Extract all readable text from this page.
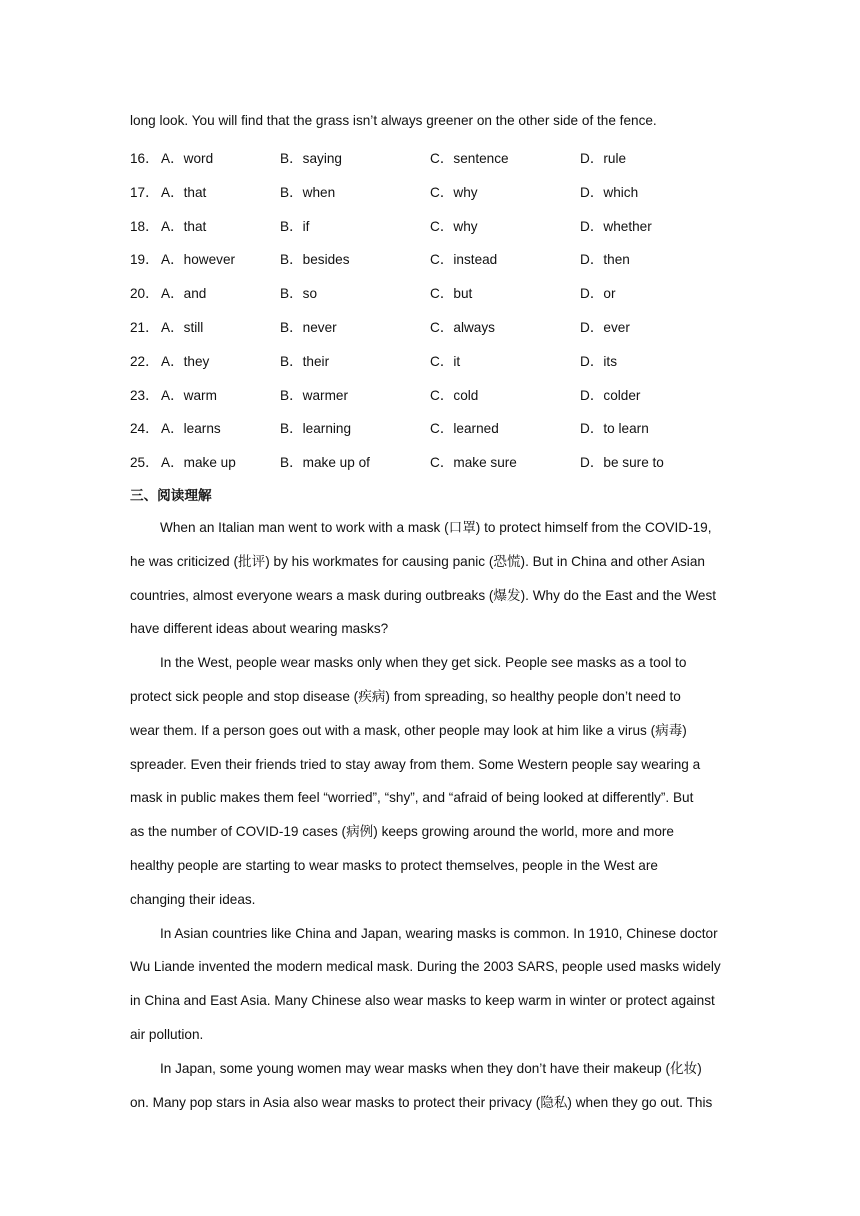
long look. You will find that the grass isn’t always greener on the other side of the fence.
16． A．word	B．saying	C．sentence	D．rule
17． A．that	B．when	C．why	D．which
18． A．that	B．if	C．why	D．whether
19． A．however	B．besides	C．instead	D．then
20． A．and	B．so	C．but	D．or
21． A．still	B．never	C．always	D．ever
22． A．they	B．their	C．it	D．its
23． A．warm	B．warmer	C．cold	D．colder
24． A．learns	B．learning	C．learned	D．to learn
25． A．make up	B．make up of	C．make sure	D．be sure to
三、阅读理解
When an Italian man went to work with a mask (口罩) to protect himself from the COVID-19,
he was criticized (批评) by his workmates for causing panic (恐慌). But in China and other Asian
countries, almost everyone wears a mask during outbreaks (爆发). Why do the East and the West
have different ideas about wearing masks?
In the West, people wear masks only when they get sick. People see masks as a tool to
protect sick people and stop disease (疾病) from spreading, so healthy people don’t need to
wear them. If a person goes out with a mask, other people may look at him like a virus (病毒)
spreader. Even their friends tried to stay away from them. Some Western people say wearing a
mask in public makes them feel “worried”, “shy”, and “afraid of being looked at differently”. But
as the number of COVID-19 cases (病例) keeps growing around the world, more and more
healthy people are starting to wear masks to protect themselves, people in the West are
changing their ideas.
In Asian countries like China and Japan, wearing masks is common. In 1910, Chinese doctor
Wu Liande invented the modern medical mask. During the 2003 SARS, people used masks widely
in China and East Asia. Many Chinese also wear masks to keep warm in winter or protect against
air pollution.
In Japan, some young women may wear masks when they don’t have their makeup (化妆)
on. Many pop stars in Asia also wear masks to protect their privacy (隐私) when they go out. This
